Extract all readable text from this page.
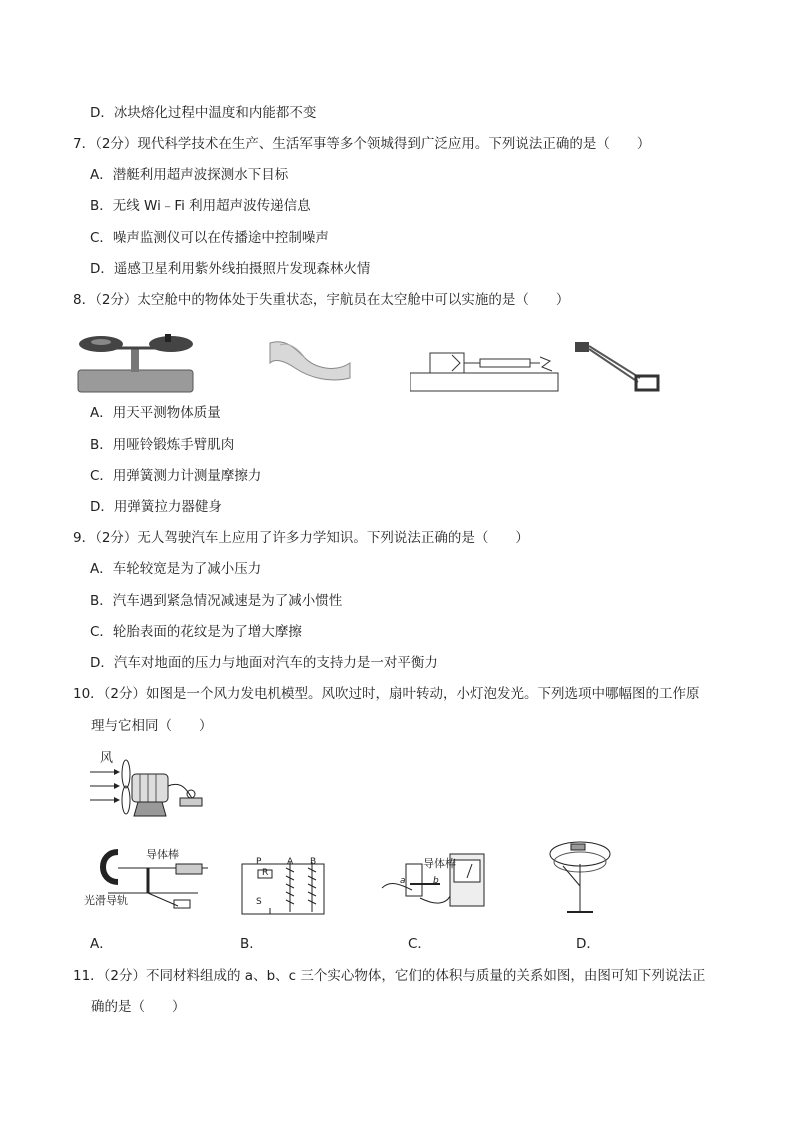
D．冰块熔化过程中温度和内能都不变
7．（2分）现代科学技术在生产、生活军事等多个领城得到广泛应用。下列说法正确的是（　　）
A．潜艇利用超声波探测水下目标
B．无线 Wi﹣Fi 利用超声波传递信息
C．噪声监测仪可以在传播途中控制噪声
D．遥感卫星利用紫外线拍摄照片发现森林火情
8．（2分）太空舱中的物体处于失重状态，宇航员在太空舱中可以实施的是（　　）
A．用天平测物体质量
B．用哑铃锻炼手臂肌肉
C．用弹簧测力计测量摩擦力
D．用弹簧拉力器健身
9．（2分）无人驾驶汽车上应用了许多力学知识。下列说法正确的是（　　）
A．车轮较宽是为了减小压力
B．汽车遇到紧急情况减速是为了减小惯性
C．轮胎表面的花纹是为了增大摩擦
D．汽车对地面的压力与地面对汽车的支持力是一对平衡力
10．（2分）如图是一个风力发电机模型。风吹过时，扇叶转动，小灯泡发光。下列选项中哪幅图的工作原
理与它相同（　　）
风
导体棒
光滑导轨
P
R
A B
S
导体棒
a	b
A．	B.	C．	D．
11．（2分）不同材料组成的 a、b、c 三个实心物体，它们的体积与质量的关系如图，由图可知下列说法正
确的是（　　）
